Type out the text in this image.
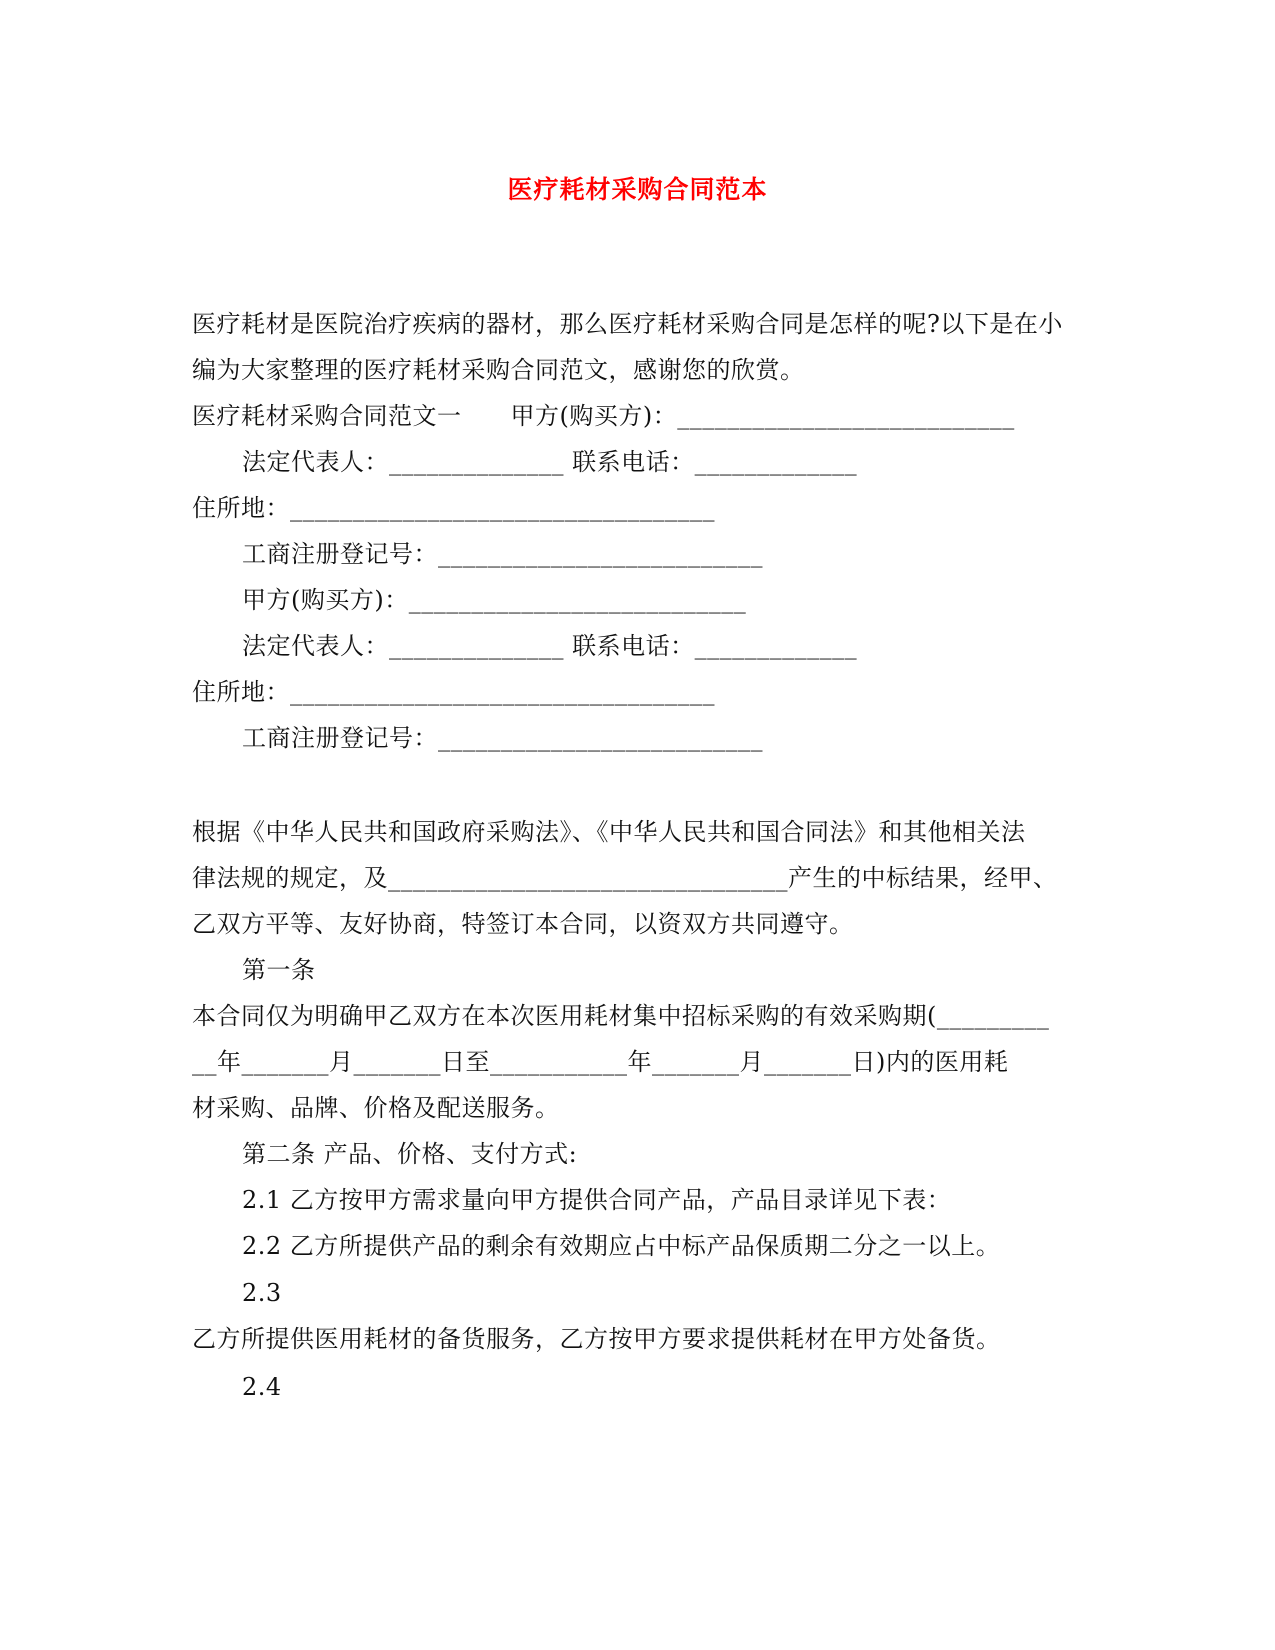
医疗耗材采购合同范本
医疗耗材是医院治疗疾病的器材，那么医疗耗材采购合同是怎样的呢?以下是在小
编为大家整理的医疗耗材采购合同范文，感谢您的欣赏。
医疗耗材采购合同范文一　　甲方(购买方)：___________________________
法定代表人：______________ 联系电话：_____________
住所地：__________________________________
工商注册登记号：__________________________
甲方(购买方)：___________________________
法定代表人：______________ 联系电话：_____________
住所地：__________________________________
工商注册登记号：__________________________
根据《中华人民共和国政府采购法》、《中华人民共和国合同法》和其他相关法
律法规的规定，及________________________________产生的中标结果，经甲、
乙双方平等、友好协商，特签订本合同，以资双方共同遵守。
第一条
本合同仅为明确甲乙双方在本次医用耗材集中招标采购的有效采购期(_________
__年_______月_______日至___________年_______月_______日)内的医用耗
材采购、品牌、价格及配送服务。
第二条 产品、价格、支付方式:
2.1 乙方按甲方需求量向甲方提供合同产品，产品目录详见下表：
2.2 乙方所提供产品的剩余有效期应占中标产品保质期二分之一以上。
2.3
乙方所提供医用耗材的备货服务，乙方按甲方要求提供耗材在甲方处备货。
2.4
